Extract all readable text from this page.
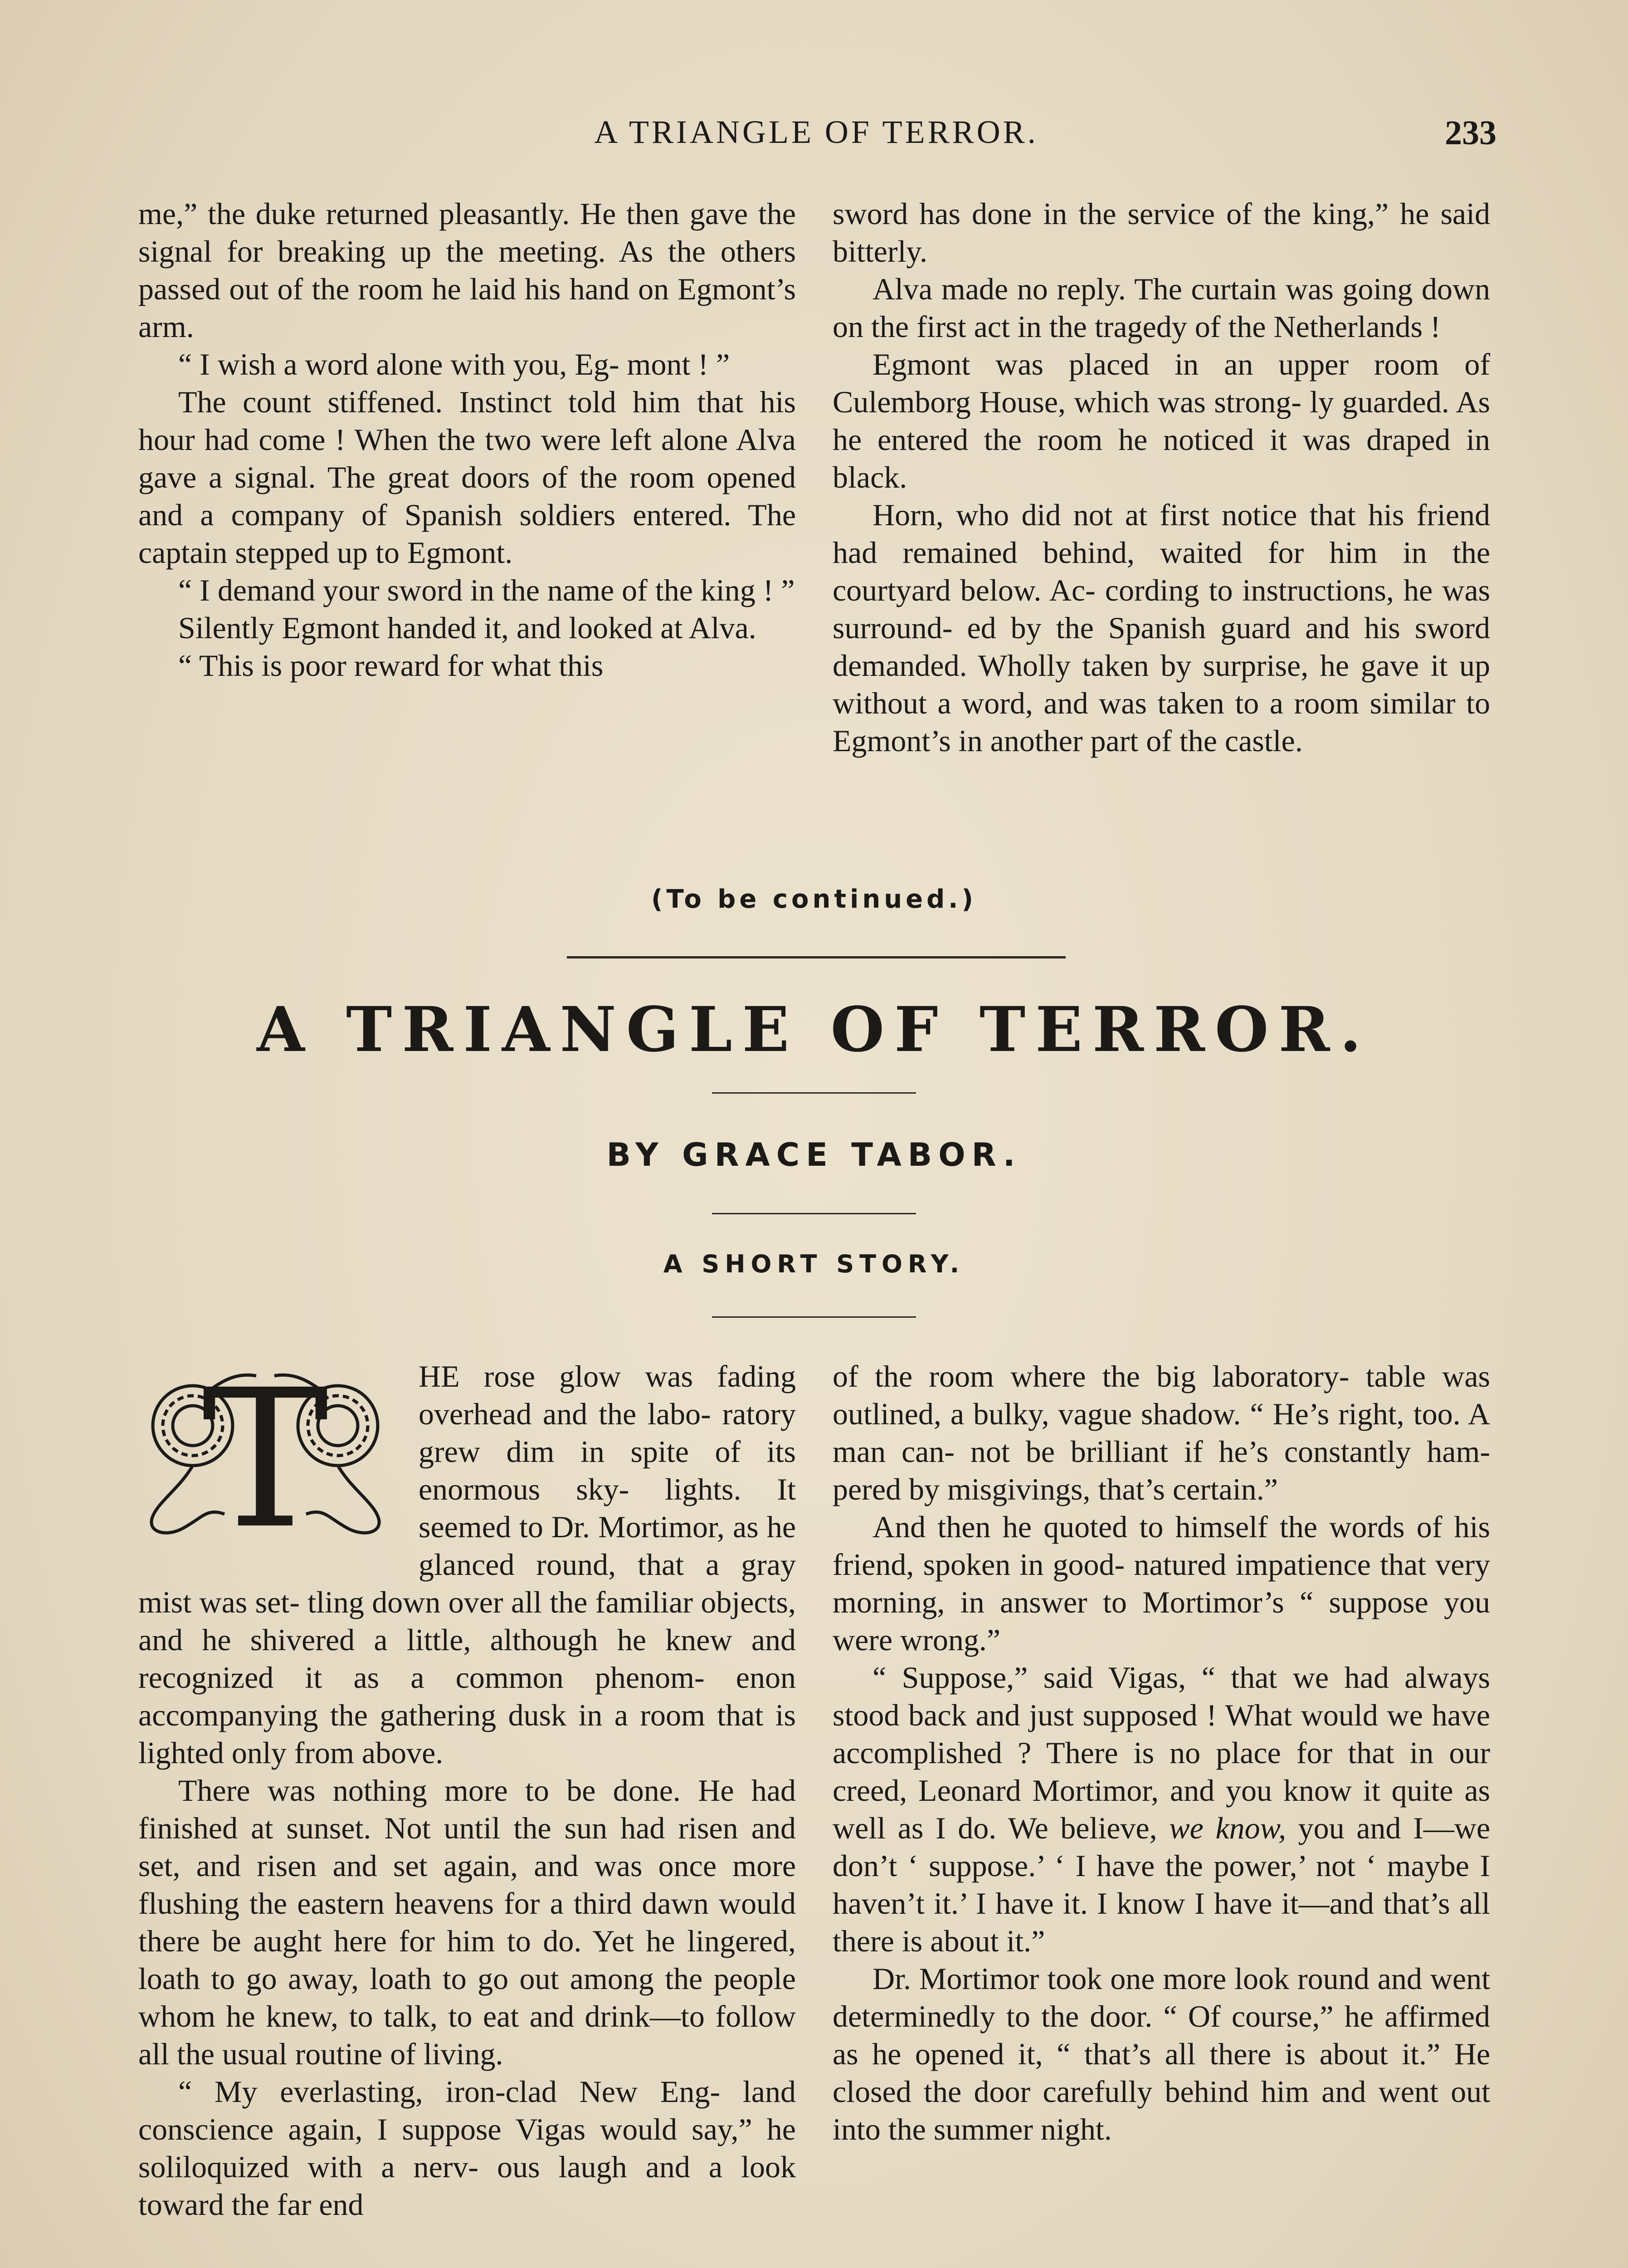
A TRIANGLE OF TERROR.	233

me,” the duke returned pleasantly. He then gave the signal for breaking up the meeting. As the others passed out of the room he laid his hand on Egmont’s arm.

“ I wish a word alone with you, Eg- mont ! ”

The count stiffened. Instinct told him that his hour had come ! When the two were left alone Alva gave a signal. The great doors of the room opened and a company of Spanish soldiers entered. The captain stepped up to Egmont.

“ I demand your sword in the name of the king ! ”

Silently Egmont handed it, and looked at Alva.

“ This is poor reward for what this

sword has done in the service of the king,” he said bitterly.

Alva made no reply. The curtain was going down on the first act in the tragedy of the Netherlands !

Egmont was placed in an upper room of Culemborg House, which was strong- ly guarded. As he entered the room he noticed it was draped in black.

Horn, who did not at first notice that his friend had remained behind, waited for him in the courtyard below. Ac- cording to instructions, he was surround- ed by the Spanish guard and his sword demanded. Wholly taken by surprise, he gave it up without a word, and was taken to a room similar to Egmont’s in another part of the castle.

(To be continued.)
A TRIANGLE OF TERROR.
BY GRACE TABOR.
A SHORT STORY.
T	HE rose glow was fading overhead and the labo- ratory grew dim in spite of its enormous sky- lights. It seemed to Dr. Mortimor, as he glanced round, that a gray mist was set- tling down over all the familiar objects, and he shivered a little, although he knew and recognized it as a common phenom- enon accompanying the gathering dusk in a room that is lighted only from above.

There was nothing more to be done. He had finished at sunset. Not until the sun had risen and set, and risen and set again, and was once more flushing the eastern heavens for a third dawn would there be aught here for him to do. Yet he lingered, loath to go away, loath to go out among the people whom he knew, to talk, to eat and drink—to follow all the usual routine of living.

“ My everlasting, iron-clad New Eng- land conscience again, I suppose Vigas would say,” he soliloquized with a nerv- ous laugh and a look toward the far end

of the room where the big laboratory- table was outlined, a bulky, vague shadow. “ He’s right, too. A man can- not be brilliant if he’s constantly ham- pered by misgivings, that’s certain.”

And then he quoted to himself the words of his friend, spoken in good- natured impatience that very morning, in answer to Mortimor’s “ suppose you were wrong.”

“ Suppose,” said Vigas, “ that we had always stood back and just supposed ! What would we have accomplished ? There is no place for that in our creed, Leonard Mortimor, and you know it quite as well as I do. We believe, we know, you and I—we don’t ‘ suppose.’ ‘ I have the power,’ not ‘ maybe I haven’t it.’ I have it. I know I have it—and that’s all there is about it.”

Dr. Mortimor took one more look round and went determinedly to the door. “ Of course,” he affirmed as he opened it, “ that’s all there is about it.” He closed the door carefully behind him and went out into the summer night.
